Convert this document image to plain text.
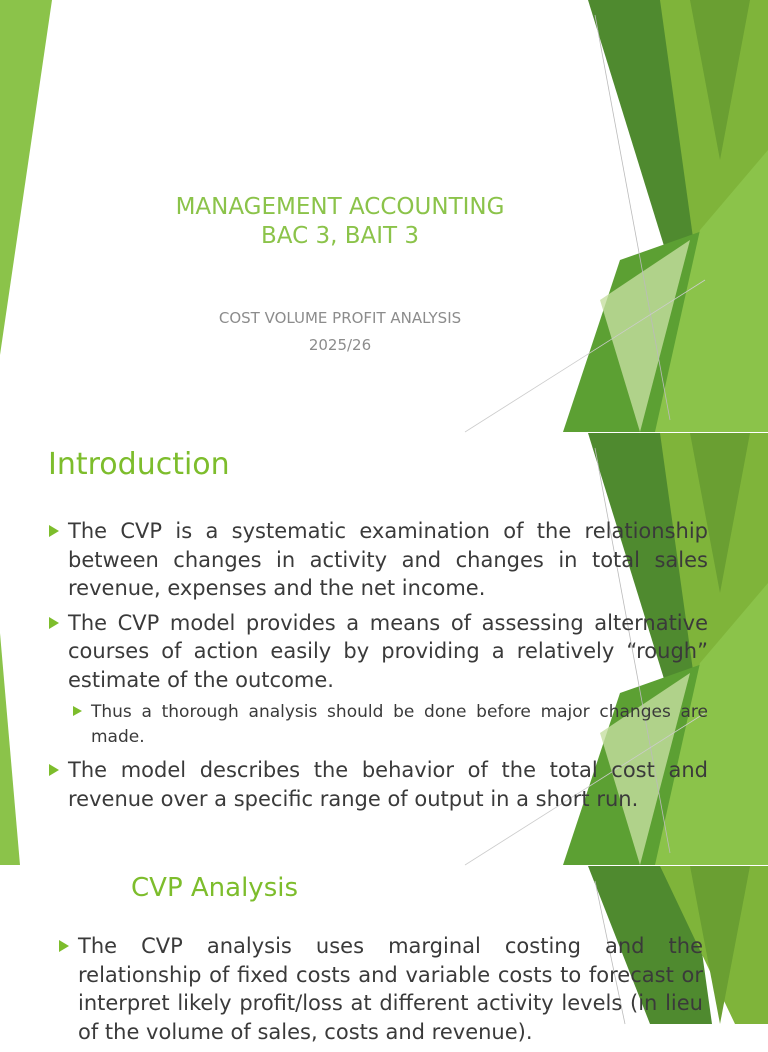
MANAGEMENT ACCOUNTING
BAC 3, BAIT 3
COST VOLUME PROFIT ANALYSIS
2025/26
Introduction
The CVP is a systematic examination of the relationship between changes in activity and changes in total sales revenue, expenses and the net income.
The CVP model provides a means of assessing alternative courses of action easily by providing a relatively “rough” estimate of the outcome.
Thus a thorough analysis should be done before major changes are made.
The model describes the behavior of the total cost and revenue over a specific range of output in a short run.
CVP Analysis
The CVP analysis uses marginal costing and the relationship of fixed costs and variable costs to forecast or interpret likely profit/loss at different activity levels (in lieu of the volume of sales, costs and revenue).
